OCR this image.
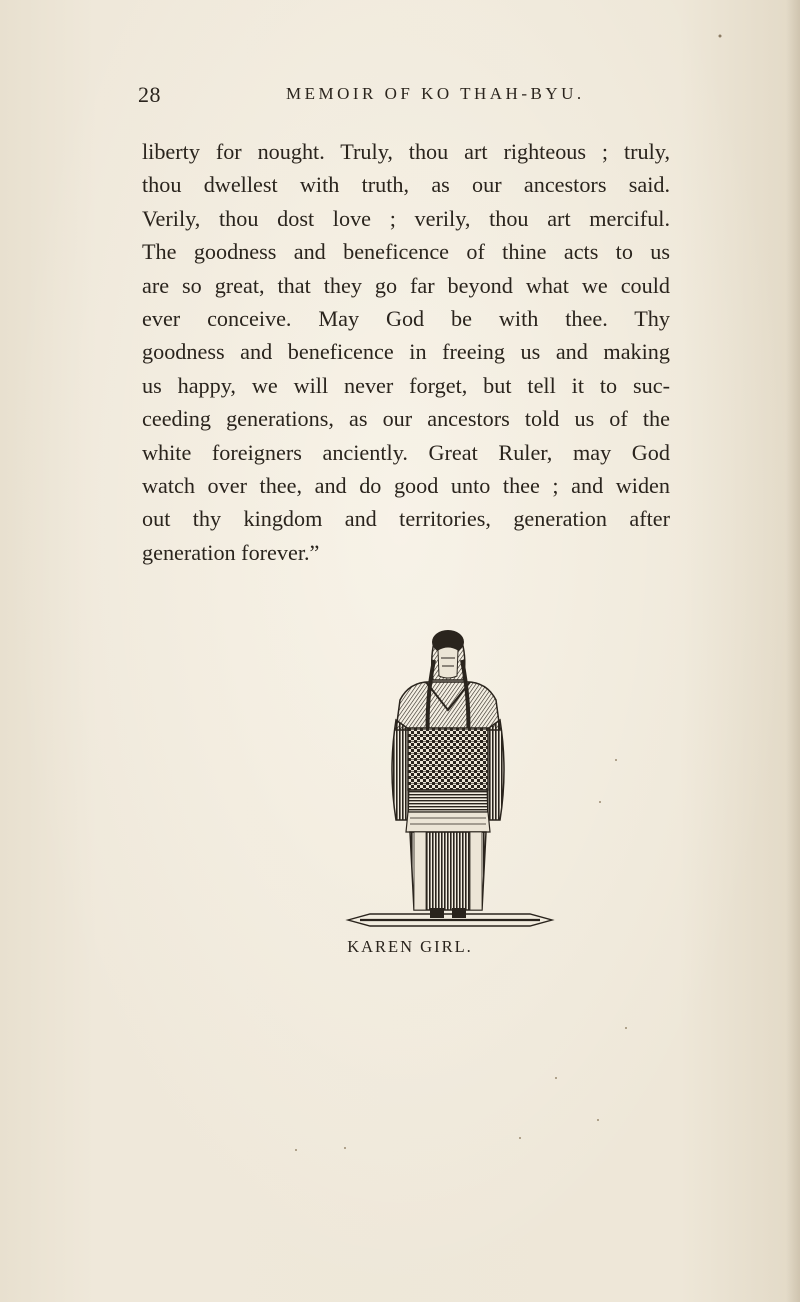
28	MEMOIR OF KO THAH-BYU.
liberty for nought. Truly, thou art righteous ; truly,
thou dwellest with truth, as our ancestors said.
Verily, thou dost love ; verily, thou art merciful.
The goodness and beneficence of thine acts to us
are so great, that they go far beyond what we could
ever conceive. May God be with thee. Thy
goodness and beneficence in freeing us and making
us happy, we will never forget, but tell it to suc-
ceeding generations, as our ancestors told us of the
white foreigners anciently. Great Ruler, may God
watch over thee, and do good unto thee ; and widen
out thy kingdom and territories, generation after
generation forever.”
KAREN GIRL.
